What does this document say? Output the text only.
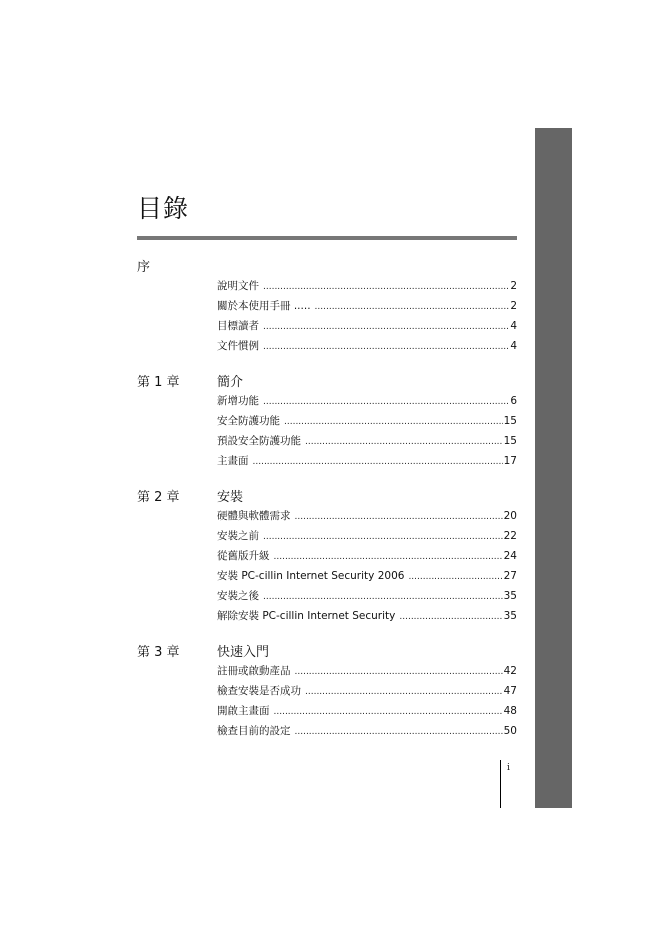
目錄
序
說明文件 .....	2
關於本使用手冊 ..... .....	2
目標讀者 .....	4
文件慣例 .....	4
第 1 章	簡介
新增功能 .....	6
安全防護功能 .....	15
預設安全防護功能 .....	15
主畫面 .....	17
第 2 章	安裝
硬體與軟體需求 .....	20
安裝之前 .....	22
從舊版升級 .....	24
安裝 PC-cillin Internet Security 2006 .....	27
安裝之後 .....	35
解除安裝 PC-cillin Internet Security .....	35
第 3 章	快速入門
註冊或啟動產品 .....	42
檢查安裝是否成功 .....	47
開啟主畫面 .....	48
檢查目前的設定 .....	50
i
